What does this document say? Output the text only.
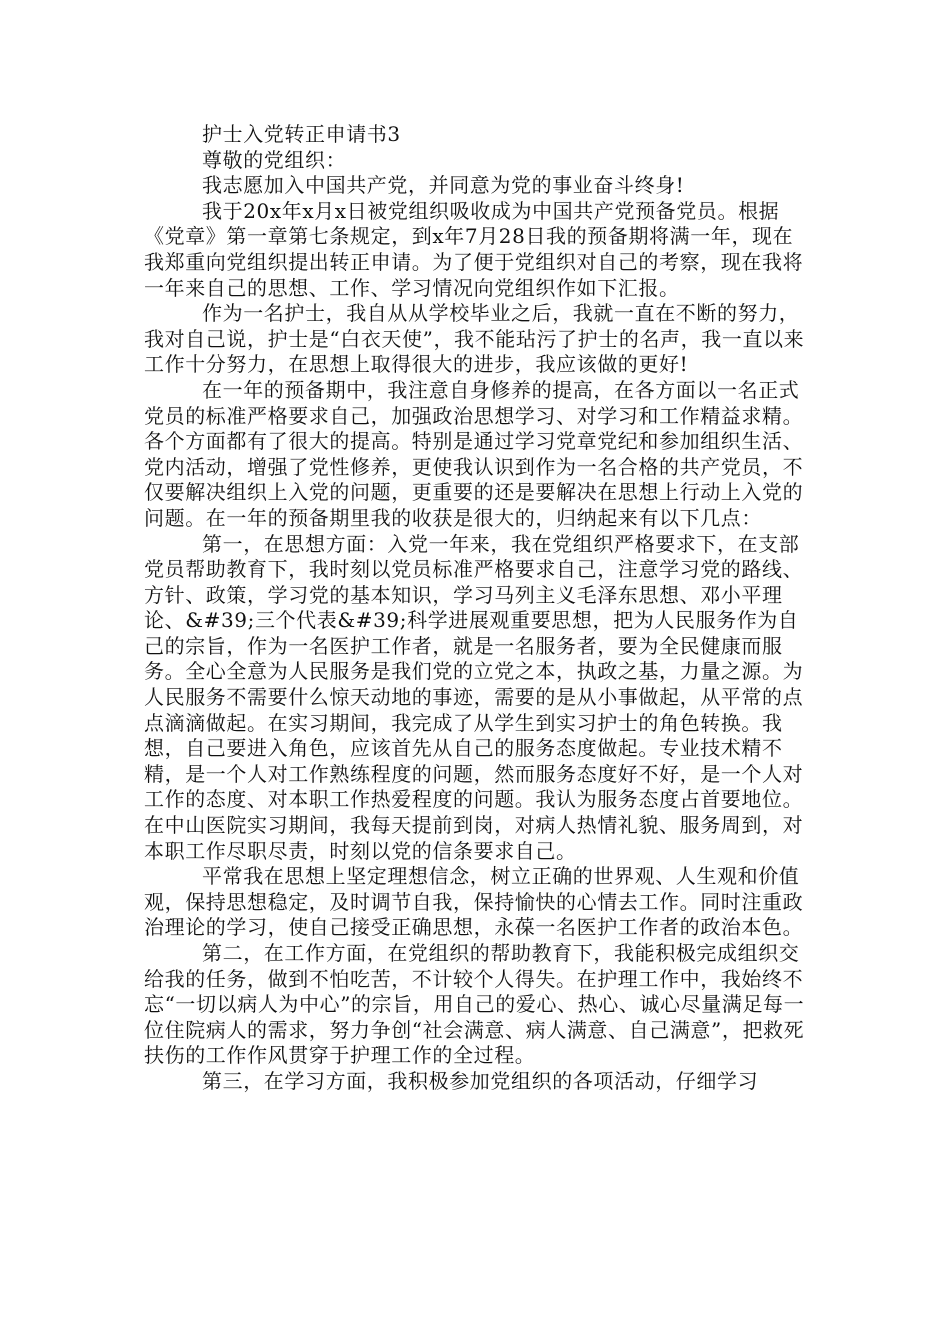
护士入党转正申请书3

尊敬的党组织：

我志愿加入中国共产党，并同意为党的事业奋斗终身!

我于20x年x月x日被党组织吸收成为中国共产党预备党员。根据《党章》第一章第七条规定，到x年7月28日我的预备期将满一年，现在我郑重向党组织提出转正申请。为了便于党组织对自己的考察，现在我将一年来自己的思想、工作、学习情况向党组织作如下汇报。

作为一名护士，我自从从学校毕业之后，我就一直在不断的努力，我对自己说，护士是“白衣天使”，我不能玷污了护士的名声，我一直以来工作十分努力，在思想上取得很大的进步，我应该做的更好!

在一年的预备期中，我注意自身修养的提高，在各方面以一名正式党员的标准严格要求自己，加强政治思想学习、对学习和工作精益求精。各个方面都有了很大的提高。特别是通过学习党章党纪和参加组织生活、党内活动，增强了党性修养，更使我认识到作为一名合格的共产党员，不仅要解决组织上入党的问题，更重要的还是要解决在思想上行动上入党的问题。在一年的预备期里我的收获是很大的，归纳起来有以下几点：

第一，在思想方面：入党一年来，我在党组织严格要求下，在支部党员帮助教育下，我时刻以党员标准严格要求自己，注意学习党的路线、方针、政策，学习党的基本知识，学习马列主义毛泽东思想、邓小平理论、&#39;三个代表&#39;科学进展观重要思想，把为人民服务作为自己的宗旨，作为一名医护工作者，就是一名服务者，要为全民健康而服务。全心全意为人民服务是我们党的立党之本，执政之基，力量之源。为人民服务不需要什么惊天动地的事迹，需要的是从小事做起，从平常的点点滴滴做起。在实习期间，我完成了从学生到实习护士的角色转换。我想，自己要进入角色，应该首先从自己的服务态度做起。专业技术精不精，是一个人对工作熟练程度的问题，然而服务态度好不好，是一个人对工作的态度、对本职工作热爱程度的问题。我认为服务态度占首要地位。在中山医院实习期间，我每天提前到岗，对病人热情礼貌、服务周到，对本职工作尽职尽责，时刻以党的信条要求自己。

平常我在思想上坚定理想信念，树立正确的世界观、人生观和价值观，保持思想稳定，及时调节自我，保持愉快的心情去工作。同时注重政治理论的学习，使自己接受正确思想，永葆一名医护工作者的政治本色。

第二，在工作方面，在党组织的帮助教育下，我能积极完成组织交给我的任务，做到不怕吃苦，不计较个人得失。在护理工作中，我始终不忘“一切以病人为中心”的宗旨，用自己的爱心、热心、诚心尽量满足每一位住院病人的需求，努力争创“社会满意、病人满意、自己满意”，把救死扶伤的工作作风贯穿于护理工作的全过程。

第三，在学习方面，我积极参加党组织的各项活动，仔细学习
